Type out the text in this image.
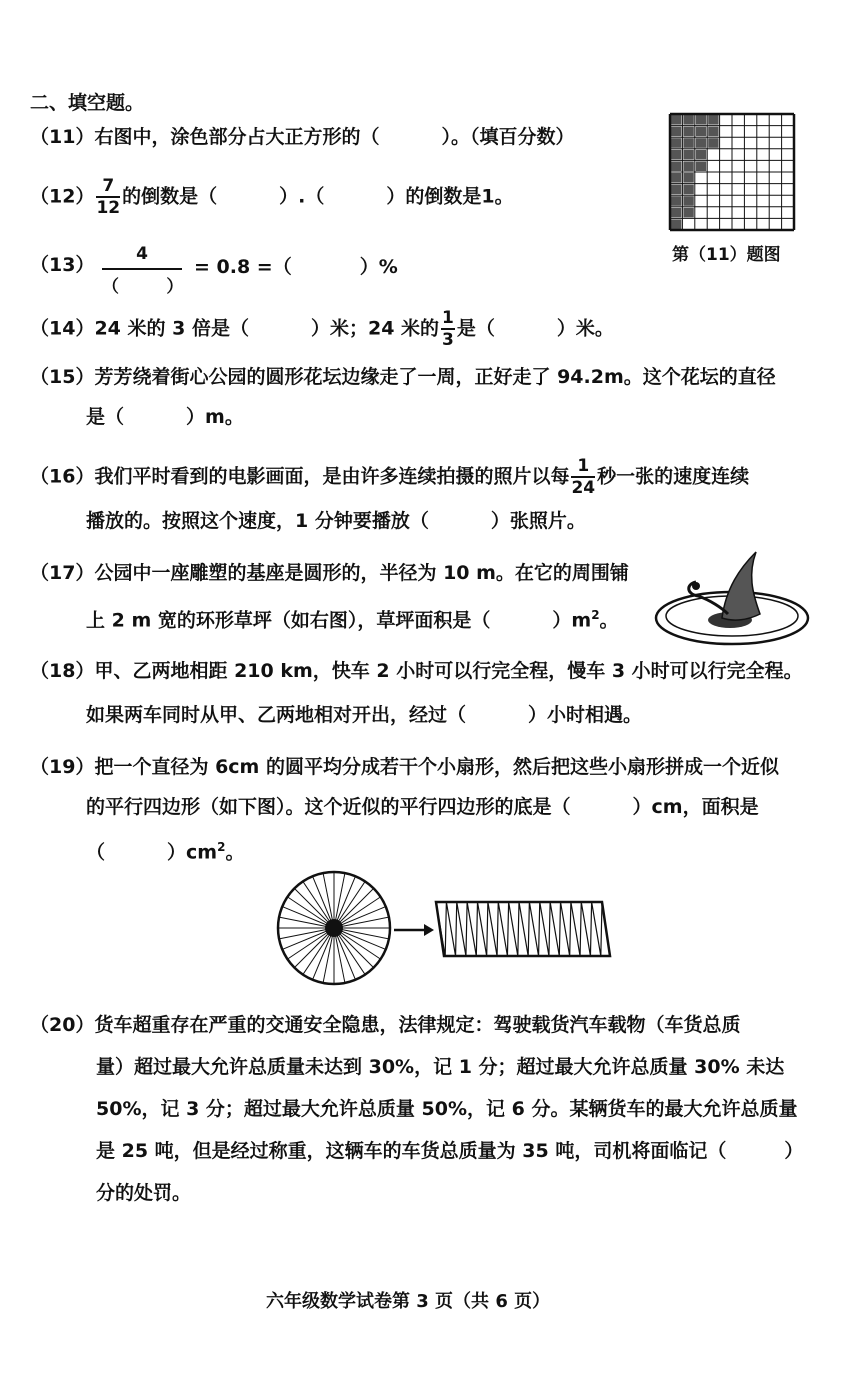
二、填空题。
（11）右图中，涂色部分占大正方形的（	）。（填百分数）
第（11）题图
$(12) \frac{7}{12}$ 的倒数是（	）.（	）的倒数是1。
（13）	4
（        ）
= 0.8 =（	）%
（14）24 米的 3 倍是（	）米；24 米的 $\frac{1}{3}$ 是（	）米。
（15）芳芳绕着街心公园的圆形花坛边缘走了一周，正好走了 94.2m。这个花坛的直径
是（	）m。
（16）我们平时看到的电影画面，是由许多连续拍摄的照片以每 $\frac{1}{24}$ 秒一张的速度连续
播放的。按照这个速度，1 分钟要播放（	）张照片。
（17）公园中一座雕塑的基座是圆形的，半径为 10 m。在它的周围铺
上 2 m 宽的环形草坪（如右图），草坪面积是（	）$m^2$。
（18）甲、乙两地相距 210 km，快车 2 小时可以行完全程，慢车 3 小时可以行完全程。
如果两车同时从甲、乙两地相对开出，经过（	）小时相遇。
（19）把一个直径为 6cm 的圆平均分成若干个小扇形，然后把这些小扇形拼成一个近似
的平行四边形（如下图）。这个近似的平行四边形的底是（	）cm，面积是
（	）$cm^2$。
（20）货车超重存在严重的交通安全隐患，法律规定：驾驶载货汽车载物（车货总质
量）超过最大允许总质量未达到 30%，记 1 分；超过最大允许总质量 30% 未达
50%，记 3 分；超过最大允许总质量 50%，记 6 分。某辆货车的最大允许总质量
是 25 吨，但是经过称重，这辆车的车货总质量为 35 吨，司机将面临记（	）
分的处罚。
六年级数学试卷第 3 页（共 6 页）
